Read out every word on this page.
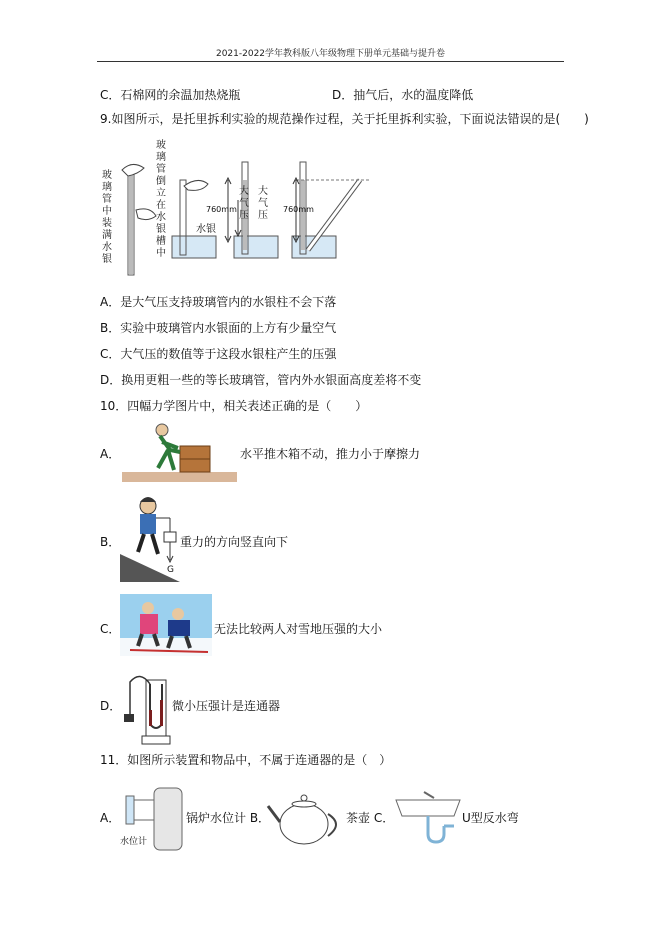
2021-2022学年教科版八年级物理下册单元基础与提升卷
C．石棉网的余温加热烧瓶	D．抽气后，水的温度降低
9.如图所示，是托里拆利实验的规范操作过程，关于托里拆利实验，下面说法错误的是(　　)
玻璃管中装满水银
玻璃管倒立在水银槽中
760mm	760mm
大气压
大气压
水银
A．是大气压支持玻璃管内的水银柱不会下落
B．实验中玻璃管内水银面的上方有少量空气
C．大气压的数值等于这段水银柱产生的压强
D．换用更粗一些的等长玻璃管，管内外水银面高度差将不变
10．四幅力学图片中，相关表述正确的是（　　）
A．	水平推木箱不动，推力小于摩擦力
B．
G
重力的方向竖直向下
C．	无法比较两人对雪地压强的大小
D．	微小压强计是连通器
11．如图所示装置和物品中，不属于连通器的是（　）
A．
水位计
锅炉水位计 B．	茶壶 C．	U型反水弯
